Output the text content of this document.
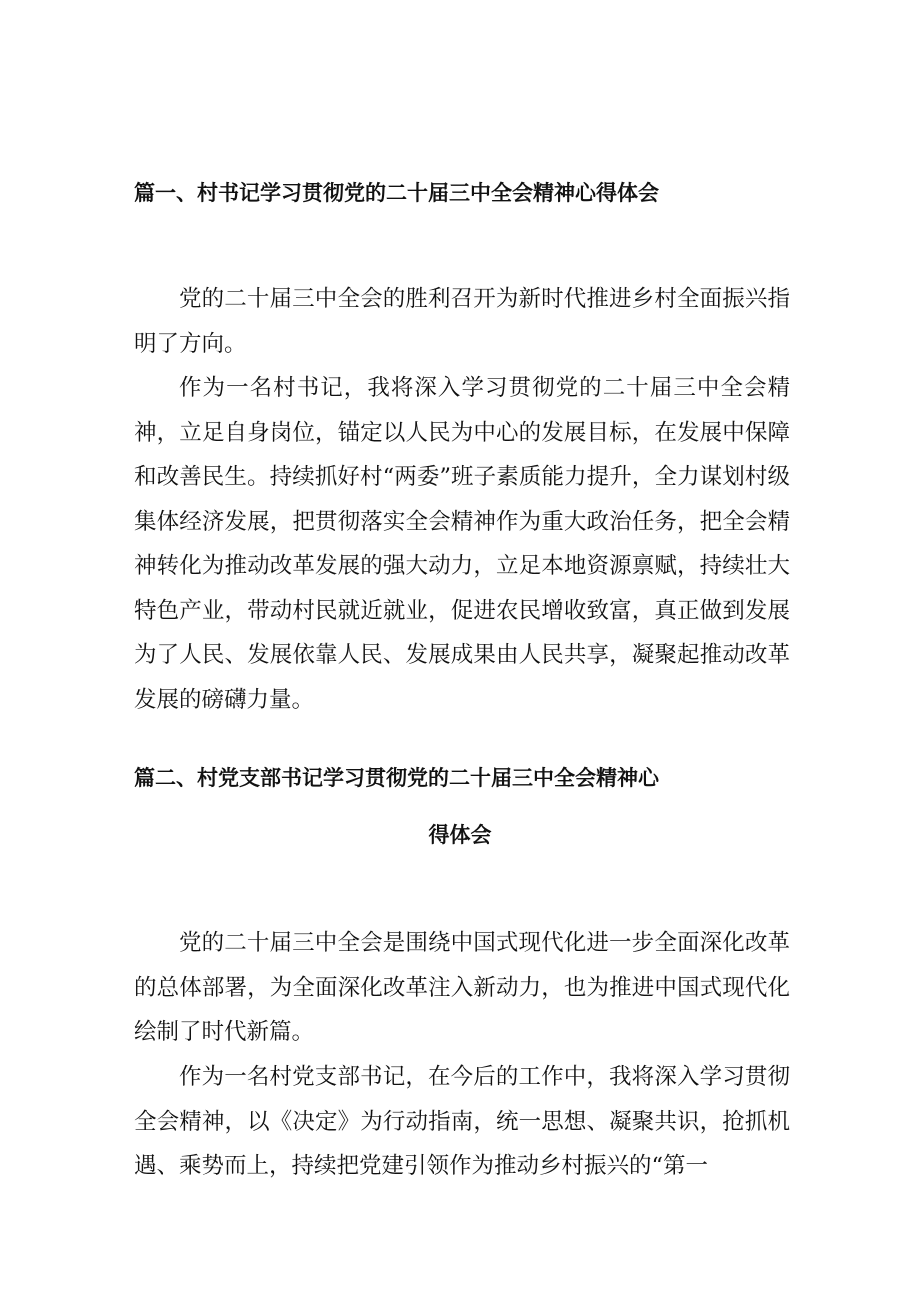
篇一、村书记学习贯彻党的二十届三中全会精神心得体会

党的二十届三中全会的胜利召开为新时代推进乡村全面振兴指明了方向。

作为一名村书记，我将深入学习贯彻党的二十届三中全会精神，立足自身岗位，锚定以人民为中心的发展目标，在发展中保障和改善民生。持续抓好村“两委”班子素质能力提升，全力谋划村级集体经济发展，把贯彻落实全会精神作为重大政治任务，把全会精神转化为推动改革发展的强大动力，立足本地资源禀赋，持续壮大特色产业，带动村民就近就业，促进农民增收致富，真正做到发展为了人民、发展依靠人民、发展成果由人民共享，凝聚起推动改革发展的磅礴力量。

篇二、村党支部书记学习贯彻党的二十届三中全会精神心
得体会

党的二十届三中全会是围绕中国式现代化进一步全面深化改革的总体部署，为全面深化改革注入新动力，也为推进中国式现代化绘制了时代新篇。

作为一名村党支部书记，在今后的工作中，我将深入学习贯彻全会精神，以《决定》为行动指南，统一思想、凝聚共识，抢抓机遇、乘势而上，持续把党建引领作为推动乡村振兴的“第一
